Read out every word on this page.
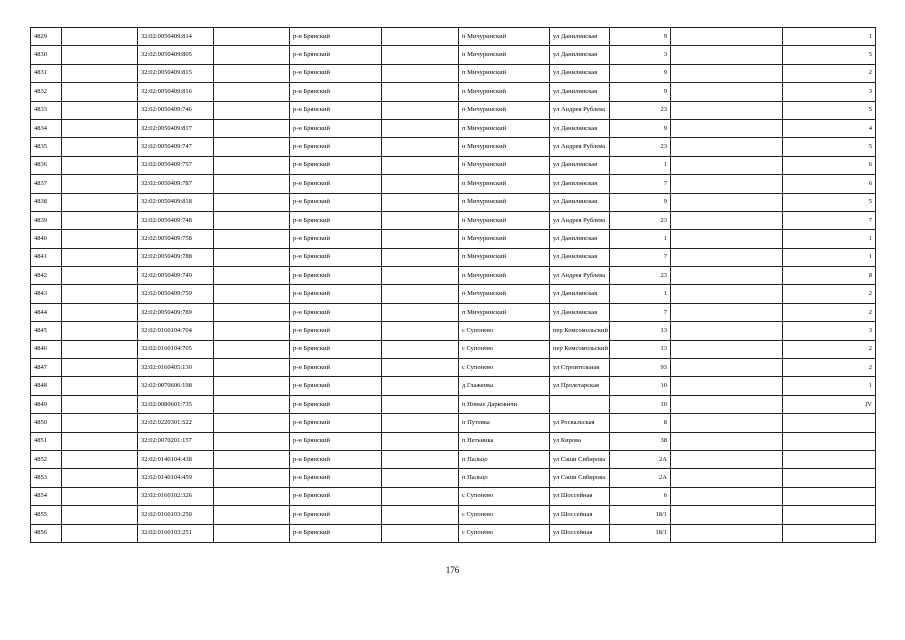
4829		32:02:0050409:814		р-н Брянский		п Мичуринский	ул Данилинская	9		1
4830		32:02:0050409:805		р-н Брянский		п Мичуринский	ул Данилинская	3		5
4831		32:02:0050409:815		р-н Брянский		п Мичуринский	ул Данилинская	9		2
4832		32:02:0050409:816		р-н Брянский		п Мичуринский	ул Данилинская	9		3
4833		32:02:0050409:746		р-н Брянский		п Мичуринский	ул Андрея Рублева	23		5
4834		32:02:0050409:817		р-н Брянский		п Мичуринский	ул Данилинская	9		4
4835		32:02:0050409:747		р-н Брянский		п Мичуринский	ул Андрея Рублева	23		5
4836		32:02:0050409:757		р-н Брянский		п Мичуринский	ул Данилинская	1		6
4837		32:02:0050409:787		р-н Брянский		п Мичуринский	ул Данилинская	7		6
4838		32:02:0050409:818		р-н Брянский		п Мичуринский	ул Данилинская	9		5
4839		32:02:0050409:748		р-н Брянский		п Мичуринский	ул Андрея Рублева	23		7
4840		32:02:0050409:758		р-н Брянский		п Мичуринский	ул Данилинская	1		1
4841		32:02:0050409:788		р-н Брянский		п Мичуринский	ул Данилинская	7		1
4842		32:02:0050409:749		р-н Брянский		п Мичуринский	ул Андрея Рублева	23		8
4843		32:02:0050409:759		р-н Брянский		п Мичуринский	ул Данилинская	1		2
4844		32:02:0050409:789		р-н Брянский		п Мичуринский	ул Данилинская	7		2
4845		32:02:0160104:704		р-н Брянский		с Супонево	пер Комсомольский	13		3
4846		32:02:0160104:705		р-н Брянский		с Супонево	пер Комсомольский	13		2
4847		32:02:0160405:130		р-н Брянский		с Супонево	ул Строительная	93		2
4848		32:02:0070606:198		р-н Брянский		д Глаженка	ул Пролетарская	10		1
4849		32:02:0080601:735		р-н Брянский		п Новые Дарковичи		10		IV
4850		32:02:0220301:522		р-н Брянский		п Путевка	ул Росвальская	8		
4851		32:02:0070201:157		р-н Брянский		п Нетьинка	ул Кирова	38		
4852		32:02:0140104:438		р-н Брянский		п Пальцо	ул Саши Сибирова	2А		
4853		32:02:0140104:459		р-н Брянский		п Пальцо	ул Саши Сибирова	2А		
4854		32:02:0160102:326		р-н Брянский		с Супонево	ул Шоссейная	6		
4855		32:02:0160103:250		р-н Брянский		с Супонево	ул Шоссейная	18/1		
4856		32:02:0160103:251		р-н Брянский		с Супонево	ул Шоссейная	18/1		
176
